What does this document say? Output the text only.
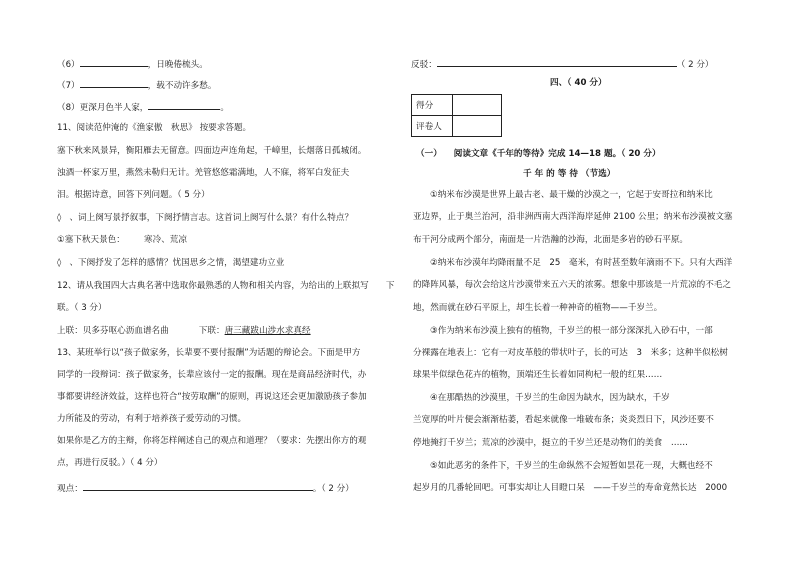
（6）	，日晚倦梳头。
（7）	，载不动许多愁。
（8）更深月色半人家，	。
11、阅读范仲淹的《渔家傲　秋思》 按要求答题。
塞下秋来风景异，衡阳雁去无留意。四面边声连角起，千嶂里，长烟落日孤城闭。
浊酒一杯家万里，燕然未勒归无计。羌管悠悠霜满地，人不寐，将军白发征夫
泪。根据诗意，回答下列问题。（ 5 分）
◊ 、词上阕写景抒叙事，下阕抒情言志。这首词上阕写什么景？有什么特点？
①塞下秋天景色： 寒冷、荒凉
◊ 、下阕抒发了怎样的感情？忧国思乡之情，渴望建功立业
12、请从我国四大古典名著中选取你最熟悉的人物和相关内容，为给出的上联拟写　　下
联。（ 3 分）
上联：贝多芬呕心沥血谱名曲	下联：唐三藏跋山涉水求真经
13、某班举行以“孩子做家务，长辈要不要付报酬”为话题的辩论会。下面是甲方
同学的一段辩词：孩子做家务，长辈应该付一定的报酬。现在是商品经济时代，办
事都要讲经济效益，这样也符合“按劳取酬”的原则，再说这还会更加激励孩子参加
力所能及的劳动，有利于培养孩子爱劳动的习惯。
如果你是乙方的主辩，你将怎样阐述自己的观点和道理？（要求：先摆出你方的观
点，再进行反驳。）（ 4 分）
观点：	。（ 2 分）
反驳：	（ 2 分）
四、（ 40 分）
得分	
评卷人	
（一） 阅读文章《千年的等待》完成 14—18 题。（ 20 分）
千 年 的 等 待 （节选）
①纳米布沙漠是世界上最古老、最干燥的沙漠之一，它起于安哥拉和纳米比
亚边界，止于奥兰治河，沿非洲西南大西洋海岸延伸 2100 公里；纳米布沙漠被文塞
布干河分成两个部分，南面是一片浩瀚的沙海，北面是多岩的砂石平原。
②纳米布沙漠年均降雨量不足　25　毫米，有时甚至数年滴雨不下。只有大西洋
的降阵风暴，每次会给这片沙漠带来五六天的浓雾。想象中那该是一片荒凉的不毛之
地，然而就在砂石平原上，却生长着一种神奇的植物——千岁兰。
③作为纳米布沙漠上独有的植物，千岁兰的根一部分深深扎入砂石中，一部
分裸露在地表上：它有一对皮革般的带状叶子，长的可达　3　米多；这种半似松树
球果半似绿色花卉的植物，顶端还生长着如同枸杞一般的红果……
④在那酷热的沙漠里，千岁兰的生命因为缺水，因为缺水，千岁
兰宽厚的叶片便会渐渐枯萎，看起来就像一堆破布条；炎炎烈日下，风沙还要不
停地掩打千岁兰；荒凉的沙漠中，挺立的千岁兰还是动物们的美食　……
⑤如此恶劣的条件下，千岁兰的生命纵然不会短暂如昙花一现，大概也经不
起岁月的几番轮回吧。可事实却让人目瞪口呆　——千岁兰的寿命竟然长达　2000
